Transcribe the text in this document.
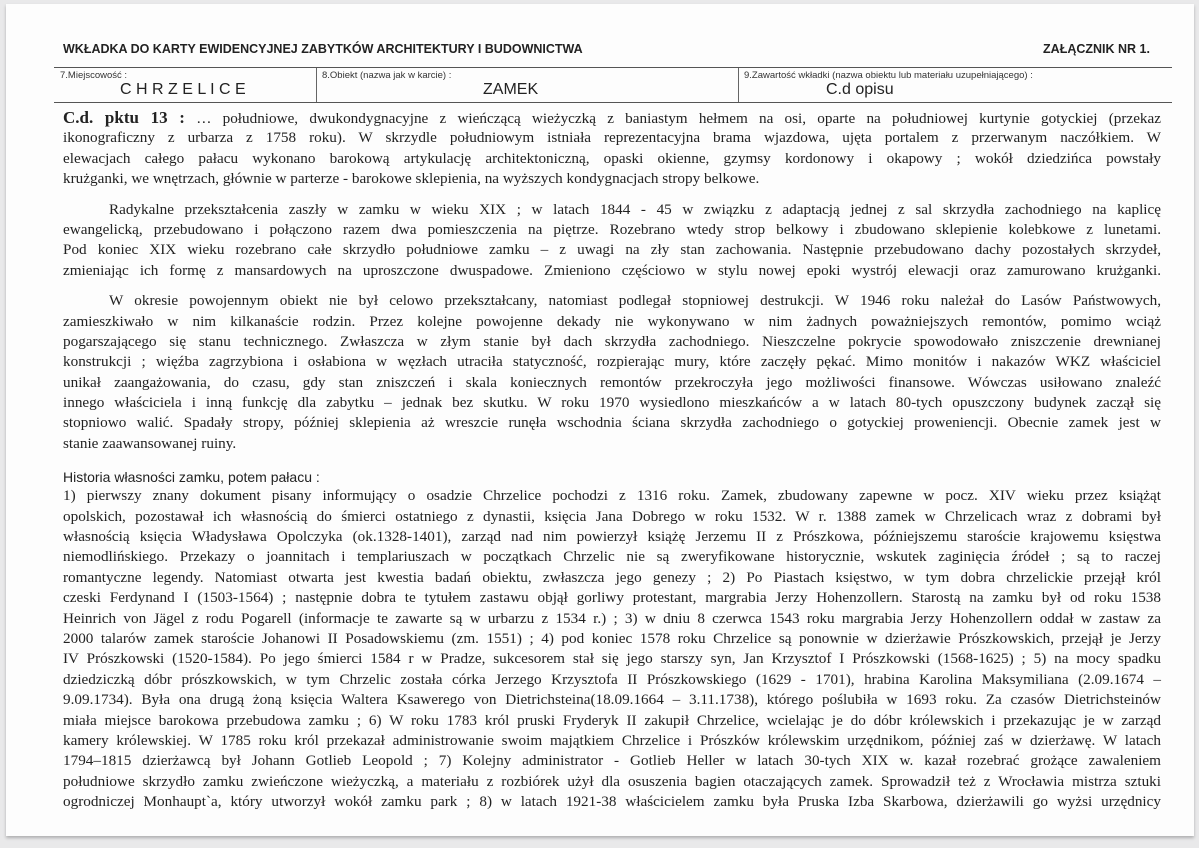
WKŁADKA DO KARTY EWIDENCYJNEJ ZABYTKÓW ARCHITEKTURY I BUDOWNICTWA	ZAŁĄCZNIK NR 1.
7.Miejscowość :
C H R Z E L I C E
8.Obiekt (nazwa jak w karcie) :
ZAMEK
9.Zawartość wkładki (nazwa obiektu lub materiału uzupełniającego) :
C.d opisu
C.d. pktu 13 : … południowe, dwukondygnacyjne z wieńczącą wieżyczką z baniastym hełmem na osi, oparte na południowej kurtynie gotyckiej (przekaz
ikonograficzny z urbarza z 1758 roku). W skrzydle południowym istniała reprezentacyjna brama wjazdowa, ujęta portalem z przerwanym naczółkiem. W
elewacjach całego pałacu wykonano barokową artykulację architektoniczną, opaski okienne, gzymsy kordonowy i okapowy ; wokół dziedzińca powstały
krużganki, we wnętrzach, głównie w parterze - barokowe sklepienia, na wyższych kondygnacjach stropy belkowe.
Radykalne przekształcenia zaszły w zamku w wieku XIX ; w latach 1844 - 45 w związku z adaptacją jednej z sal skrzydła zachodniego na kaplicę
ewangelicką, przebudowano i połączono razem dwa pomieszczenia na piętrze. Rozebrano wtedy strop belkowy i zbudowano sklepienie kolebkowe z lunetami.
Pod koniec XIX wieku rozebrano całe skrzydło południowe zamku – z uwagi na zły stan zachowania. Następnie przebudowano dachy pozostałych skrzydeł,
zmieniając ich formę z mansardowych na uproszczone dwuspadowe. Zmieniono częściowo w stylu nowej epoki wystrój elewacji oraz zamurowano krużganki.
W okresie powojennym obiekt nie był celowo przekształcany, natomiast podlegał stopniowej destrukcji. W 1946 roku należał do Lasów Państwowych,
zamieszkiwało w nim kilkanaście rodzin. Przez kolejne powojenne dekady nie wykonywano w nim żadnych poważniejszych remontów, pomimo wciąż
pogarszającego się stanu technicznego. Zwłaszcza w złym stanie był dach skrzydła zachodniego. Nieszczelne pokrycie spowodowało zniszczenie drewnianej
konstrukcji ; więźba zagrzybiona i osłabiona w węzłach utraciła statyczność, rozpierając mury, które zaczęły pękać. Mimo monitów i nakazów WKZ właściciel
unikał zaangażowania, do czasu, gdy stan zniszczeń i skala koniecznych remontów przekroczyła jego możliwości finansowe. Wówczas usiłowano znaleźć
innego właściciela i inną funkcję dla zabytku – jednak bez skutku. W roku 1970 wysiedlono mieszkańców a w latach 80-tych opuszczony budynek zaczął się
stopniowo walić. Spadały stropy, później sklepienia aż wreszcie runęła wschodnia ściana skrzydła zachodniego o gotyckiej proweniencji. Obecnie zamek jest w
stanie zaawansowanej ruiny.
Historia własności zamku, potem pałacu :
1) pierwszy znany dokument pisany informujący o osadzie Chrzelice pochodzi z 1316 roku. Zamek, zbudowany zapewne w pocz. XIV wieku przez książąt
opolskich, pozostawał ich własnością do śmierci ostatniego z dynastii, księcia Jana Dobrego w roku 1532. W r. 1388 zamek w Chrzelicach wraz z dobrami był
własnością księcia Władysława Opolczyka (ok.1328-1401), zarząd nad nim powierzył książę Jerzemu II z Prószkowa, późniejszemu staroście krajowemu księstwa
niemodlińskiego. Przekazy o joannitach i templariuszach w początkach Chrzelic nie są zweryfikowane historycznie, wskutek zaginięcia źródeł ; są to raczej
romantyczne legendy. Natomiast otwarta jest kwestia badań obiektu, zwłaszcza jego genezy ; 2) Po Piastach księstwo, w tym dobra chrzelickie przejął król
czeski Ferdynand I (1503-1564) ; następnie dobra te tytułem zastawu objął gorliwy protestant, margrabia Jerzy Hohenzollern. Starostą na zamku był od roku 1538
Heinrich von Jägel z rodu Pogarell (informacje te zawarte są w urbarzu z 1534 r.) ; 3) w dniu 8 czerwca 1543 roku margrabia Jerzy Hohenzollern oddał w zastaw za
2000 talarów zamek staroście Johanowi II Posadowskiemu (zm. 1551) ; 4) pod koniec 1578 roku Chrzelice są ponownie w dzierżawie Prószkowskich, przejął je Jerzy
IV Prószkowski (1520-1584). Po jego śmierci 1584 r w Pradze, sukcesorem stał się jego starszy syn, Jan Krzysztof I Prószkowski (1568-1625) ; 5) na mocy spadku
dziedziczką dóbr prószkowskich, w tym Chrzelic została córka Jerzego Krzysztofa II Prószkowskiego (1629 - 1701), hrabina Karolina Maksymiliana (2.09.1674 –
9.09.1734). Była ona drugą żoną księcia Waltera Ksawerego von Dietrichsteina(18.09.1664 – 3.11.1738), którego poślubiła w 1693 roku. Za czasów Dietrichsteinów
miała miejsce barokowa przebudowa zamku ; 6) W roku 1783 król pruski Fryderyk II zakupił Chrzelice, wcielając je do dóbr królewskich i przekazując je w zarząd
kamery królewskiej. W 1785 roku król przekazał administrowanie swoim majątkiem Chrzelice i Prószków królewskim urzędnikom, później zaś w dzierżawę. W latach
1794–1815 dzierżawcą był Johann Gotlieb Leopold ; 7) Kolejny administrator - Gotlieb Heller w latach 30-tych XIX w. kazał rozebrać grożące zawaleniem
południowe skrzydło zamku zwieńczone wieżyczką, a materiału z rozbiórek użył dla osuszenia bagien otaczających zamek. Sprowadził też z Wrocławia mistrza sztuki
ogrodniczej Monhaupt`a, który utworzył wokół zamku park ; 8) w latach 1921-38 właścicielem zamku była Pruska Izba Skarbowa, dzierżawili go wyżsi urzędnicy
